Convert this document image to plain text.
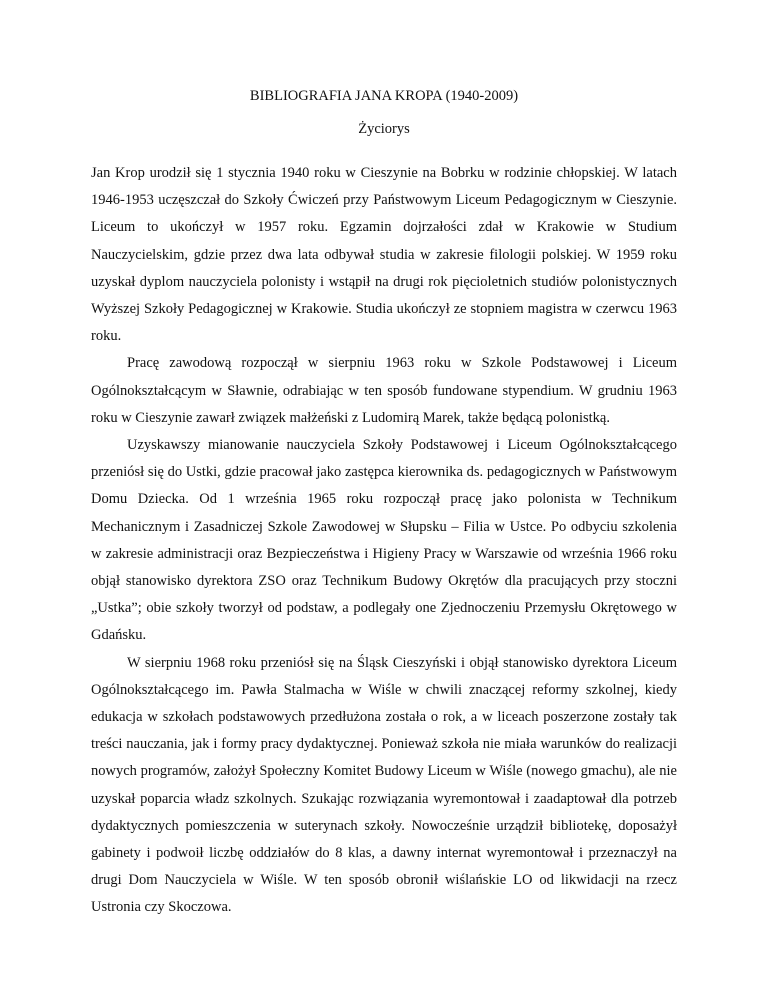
BIBLIOGRAFIA JANA KROPA (1940-2009)
Życiorys

Jan Krop urodził się 1 stycznia 1940 roku w Cieszynie na Bobrku w rodzinie chłopskiej. W latach 1946-1953 uczęszczał do Szkoły Ćwiczeń przy Państwowym Liceum Pedagogicznym w Cieszynie. Liceum to ukończył w 1957 roku. Egzamin dojrzałości zdał w Krakowie w Studium Nauczycielskim, gdzie przez dwa lata odbywał studia w zakresie filologii polskiej. W 1959 roku uzyskał dyplom nauczyciela polonisty i wstąpił na drugi rok pięcioletnich studiów polonistycznych Wyższej Szkoły Pedagogicznej w Krakowie. Studia ukończył ze stopniem magistra w czerwcu 1963 roku.

Pracę zawodową rozpoczął w sierpniu 1963 roku w Szkole Podstawowej i Liceum Ogólnokształcącym w Sławnie, odrabiając w ten sposób fundowane stypendium. W grudniu 1963 roku w Cieszynie zawarł związek małżeński z Ludomirą Marek, także będącą polonistką.

Uzyskawszy mianowanie nauczyciela Szkoły Podstawowej i Liceum Ogólnokształcącego przeniósł się do Ustki, gdzie pracował jako zastępca kierownika ds. pedagogicznych w Państwowym Domu Dziecka. Od 1 września 1965 roku rozpoczął pracę jako polonista w Technikum Mechanicznym i Zasadniczej Szkole Zawodowej w Słupsku – Filia w Ustce. Po odbyciu szkolenia w zakresie administracji oraz Bezpieczeństwa i Higieny Pracy w Warszawie od września 1966 roku objął stanowisko dyrektora ZSO oraz Technikum Budowy Okrętów dla pracujących przy stoczni „Ustka”; obie szkoły tworzył od podstaw, a podlegały one Zjednoczeniu Przemysłu Okrętowego w Gdańsku.

W sierpniu 1968 roku przeniósł się na Śląsk Cieszyński i objął stanowisko dyrektora Liceum Ogólnokształcącego im. Pawła Stalmacha w Wiśle w chwili znaczącej reformy szkolnej, kiedy edukacja w szkołach podstawowych przedłużona została o rok, a w liceach poszerzone zostały tak treści nauczania, jak i formy pracy dydaktycznej. Ponieważ szkoła nie miała warunków do realizacji nowych programów, założył Społeczny Komitet Budowy Liceum w Wiśle (nowego gmachu), ale nie uzyskał poparcia władz szkolnych. Szukając rozwiązania wyremontował i zaadaptował dla potrzeb dydaktycznych pomieszczenia w suterynach szkoły. Nowocześnie urządził bibliotekę, doposażył gabinety i podwoił liczbę oddziałów do 8 klas, a dawny internat wyremontował i przeznaczył na drugi Dom Nauczyciela w Wiśle. W ten sposób obronił wiślańskie LO od likwidacji na rzecz Ustronia czy Skoczowa.
